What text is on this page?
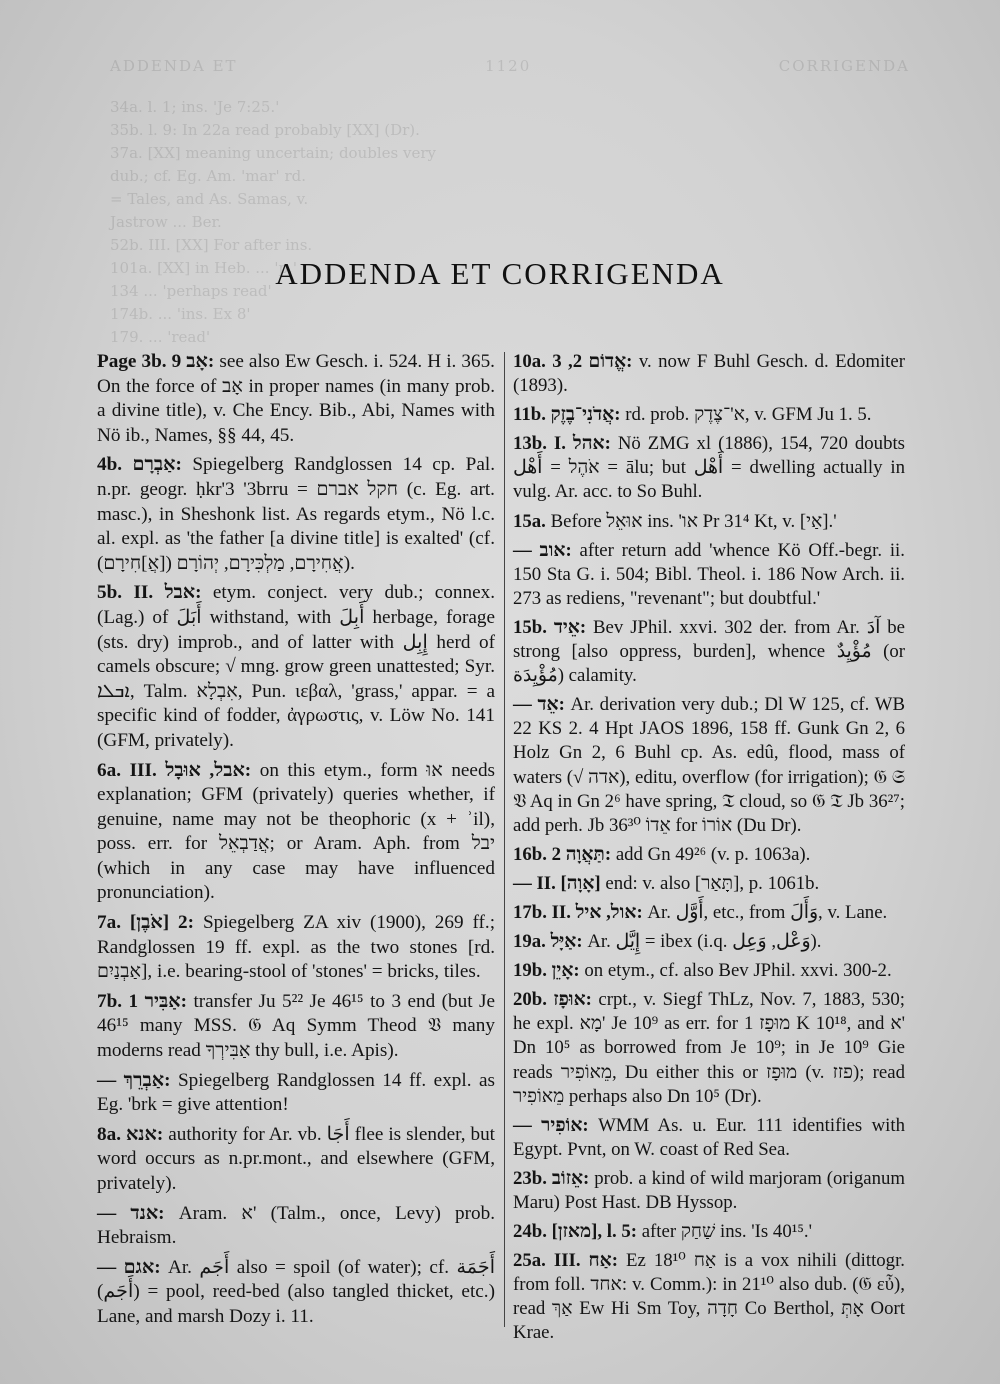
ADDENDA ET	1120	CORRIGENDA
34a. l. 1; ins. 'Je 7:25.'
35b. l. 9: In 22a read probably [XX] (Dr).
37a. [XX] meaning uncertain; doubles very
dub.; cf. Eg. Am. 'mar' rd.
= Tales, and As. Samas, v.
Jastrow ... Ber.
52b. III. [XX] For after ins.
101a. [XX] in Heb. ... 'p.'
134 ... 'perhaps read'
174b. ... 'ins. Ex 8'
179. ... 'read'
ADDENDA ET CORRIGENDA

Page 3b. אָב 9: see also Ew Gesch. i. 524. H i. 365. On the force of אָב in proper names (in many prob. a divine title), v. Che Ency. Bib., Abi, Names with Nö ib., Names, §§ 44, 45.

4b. אַבְרָם: Spiegelberg Randglossen 14 cp. Pal. n.pr. geogr. ḥkr'3 '3brru = חקל אברם (c. Eg. art. masc.), in Sheshonk list. As regards etym., Nö l.c. al. expl. as 'the father [a divine title] is exalted' (cf. אֲחִירָם, מַלְכִּירָם, יְהוֹרָם ([אֲ]חִירָם)).

5b. II. אבל: etym. conject. very dub.; connex. (Lag.) of أَبَلَ withstand, with أَبِلَ herbage, forage (sts. dry) improb., and of latter with إِبِل herd of camels obscure; √ mng. grow green unattested; Syr. ܐܒܠܐ, Talm. אִבְלָא, Pun. ιεβαλ, 'grass,' appar. = a specific kind of fodder, ἀγρωστις, v. Löw No. 141 (GFM, privately).

6a. III. אבל, אוּבָל: on this etym., form אוּ needs explanation; GFM (privately) queries whether, if genuine, name may not be theophoric (x + ʾil), poss. err. for אֲדַבְאֵל; or Aram. Aph. from יבל (which in any case may have influenced pronunciation).

7a. [אֹבֶן] 2: Spiegelberg ZA xiv (1900), 269 ff.; Randglossen 19 ff. expl. as the two stones [rd. אַבְנַיִם], i.e. bearing-stool of 'stones' = bricks, tiles.

7b. אַבִּיר 1: transfer Ju 5²² Je 46¹⁵ to 3 end (but Je 46¹⁵ many MSS. 𝔊 Aq Symm Theod 𝔙 many moderns read אַבִּירְךָ thy bull, i.e. Apis).

— אַבְרֵךְ: Spiegelberg Randglossen 14 ff. expl. as Eg. 'brk = give attention!

8a. אנא: authority for Ar. vb. أَجَا flee is slender, but word occurs as n.pr.mont., and elsewhere (GFM, privately).

— אנד: Aram. א' (Talm., once, Levy) prob. Hebraism.

— אגם: Ar. أَجَم also = spoil (of water); cf. أَجَمَة (أَجَم) = pool, reed-bed (also tangled thicket, etc.) Lane, and marsh Dozy i. 11.

10a. אֱדוֹם 2, 3: v. now F Buhl Gesch. d. Edomiter (1893).

11b. אֲדֹנִי־בֶזֶק: rd. prob. א'־צֶדֶק, v. GFM Ju 1. 5.

13b. I. אהל: Nö ZMG xl (1886), 154, 720 doubts אֹהֶל = أَهْل = ālu; but أَهْل = dwelling actually in vulg. Ar. acc. to So Buhl.

15a. Before אוּאֵל ins. 'או Pr 31⁴ Kt, v. [אַי].'

— אוב: after return add 'whence Kö Off.-begr. ii. 150 Sta G. i. 504; Bibl. Theol. i. 186 Now Arch. ii. 273 as rediens, "revenant"; but doubtful.'

15b. אֵיד: Bev JPhil. xxvi. 302 der. from Ar. آدَ be strong [also oppress, burden], whence مُؤْيِدٌ (or مُؤْيِدَة) calamity.

— אֵד: Ar. derivation very dub.; Dl W 125, cf. WB 22 KS 2. 4 Hpt JAOS 1896, 158 ff. Gunk Gn 2, 6 Holz Gn 2, 6 Buhl cp. As. edû, flood, mass of waters (√ אדה), editu, overflow (for irrigation); 𝔊 𝔖 𝔙 Aq in Gn 2⁶ have spring, 𝔗 cloud, so 𝔊 𝔗 Jb 36²⁷; add perh. Jb 36³⁰ אֵדוֹ for אוֹרוֹ (Du Dr).

16b. תַּאֲוָה 2: add Gn 49²⁶ (v. p. 1063a).

— II. [אָוָה] end: v. also [תָּאַר], p. 1061b.

17b. II. אול, איל: Ar. أَوَّل, etc., from وَأَلَ, v. Lane.

19a. אַיָּל: Ar. إِيَّل = ibex (i.q. وَعْل, وَعِل).

19b. אָיֵן: on etym., cf. also Bev JPhil. xxvi. 300-2.

20b. אוּפָז: crpt., v. Siegf ThLz, Nov. 7, 1883, 530; he expl. מָא' Je 10⁹ as err. for מוּפָז 1 K 10¹⁸, and א' Dn 10⁵ as borrowed from Je 10⁹; in Je 10⁹ Gie reads מֵאוֹפִיר, Du either this or מוּפָז (v. פזז); read מֵאוֹפִיר perhaps also Dn 10⁵ (Dr).

— אוֹפִיר: WMM As. u. Eur. 111 identifies with Egypt. Pvnt, on W. coast of Red Sea.

23b. אֵזוֹב: prob. a kind of wild marjoram (origanum Maru) Post Hast. DB Hyssop.

24b. [מאזן], l. 5: after שַׁחַק ins. 'Is 40¹⁵.'

25a. III. אַח: Ez 18¹⁰ אַח is a vox nihili (dittogr. from foll. אחד: v. Comm.): in 21¹⁰ also dub. (𝔊 εὖ), read אַךְ Ew Hi Sm Toy, חָדָה Co Berthol, אָתְּ Oort Krae.
